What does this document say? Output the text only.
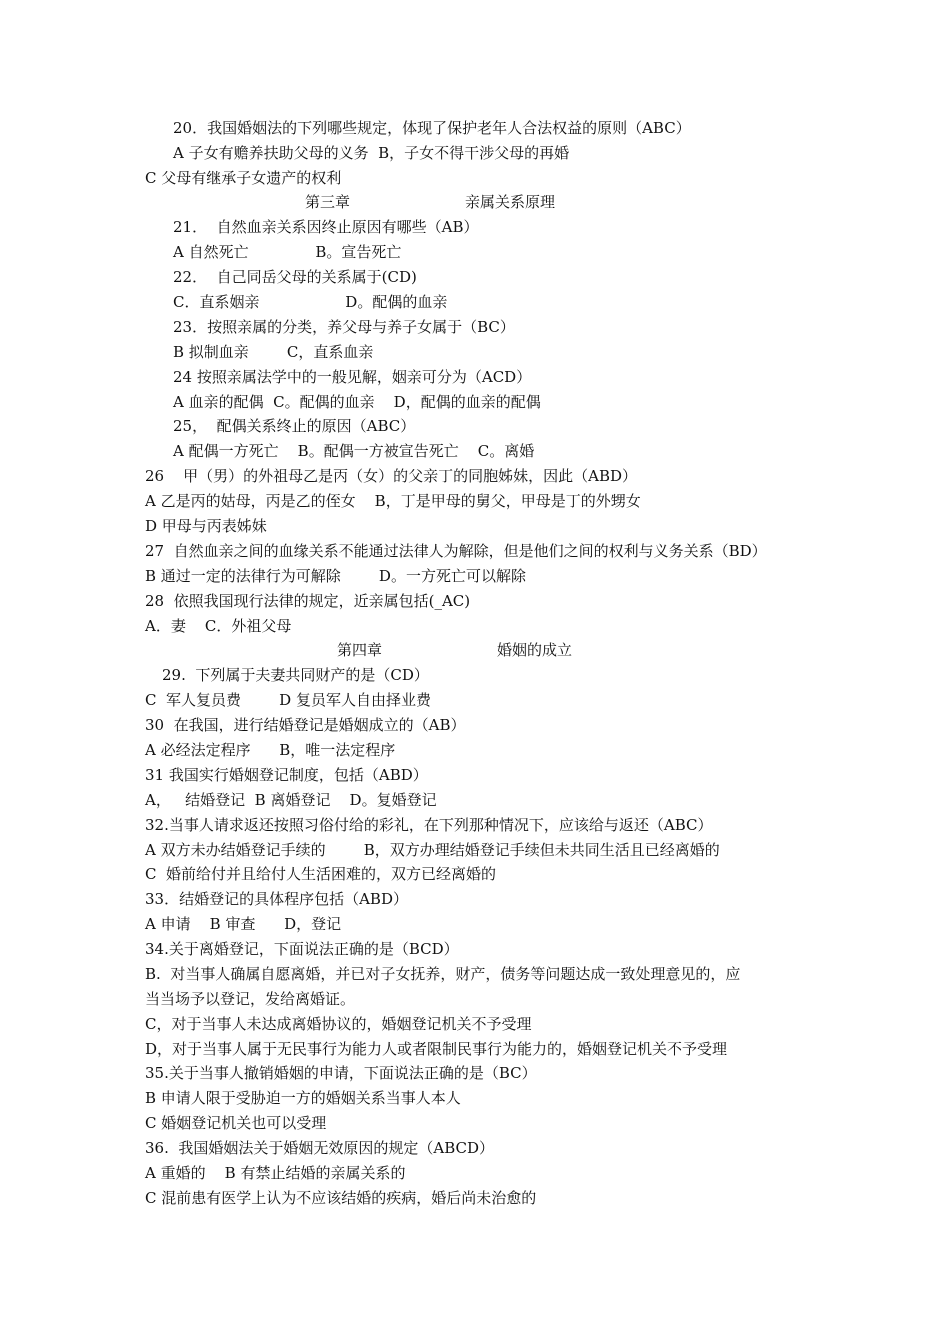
20．我国婚姻法的下列哪些规定，体现了保护老年人合法权益的原则（ABC）
A 子女有赡养扶助父母的义务  B，子女不得干涉父母的再婚
C 父母有继承子女遗产的权利
第三章	亲属关系原理
21．  自然血亲关系因终止原因有哪些（AB）
A 自然死亡              B。宣告死亡
22．  自己同岳父母的关系属于(CD)
C．直系姻亲                  D。配偶的血亲
23．按照亲属的分类，养父母与养子女属于（BC）
B 拟制血亲        C，直系血亲
24 按照亲属法学中的一般见解，姻亲可分为（ACD）
A 血亲的配偶  C。配偶的血亲    D，配偶的血亲的配偶
25，  配偶关系终止的原因（ABC）
A 配偶一方死亡    B。配偶一方被宣告死亡    C。离婚
26    甲（男）的外祖母乙是丙（女）的父亲丁的同胞姊妹，因此（ABD）
A 乙是丙的姑母，丙是乙的侄女    B，丁是甲母的舅父，甲母是丁的外甥女
D 甲母与丙表姊妹
27  自然血亲之间的血缘关系不能通过法律人为解除，但是他们之间的权利与义务关系（BD）
B 通过一定的法律行为可解除        D。一方死亡可以解除
28  依照我国现行法律的规定，近亲属包括(_AC)
A．妻    C．外祖父母
第四章	婚姻的成立
29.  下列属于夫妻共同财产的是（CD）
C  军人复员费        D 复员军人自由择业费
30  在我国，进行结婚登记是婚姻成立的（AB）
A 必经法定程序      B，唯一法定程序
31 我国实行婚姻登记制度，包括（ABD）
A，   结婚登记  B 离婚登记    D。复婚登记
32.当事人请求返还按照习俗付给的彩礼，在下列那种情况下，应该给与返还（ABC）
A 双方未办结婚登记手续的        B，双方办理结婚登记手续但未共同生活且已经离婚的
C  婚前给付并且给付人生活困难的，双方已经离婚的
33．结婚登记的具体程序包括（ABD）
A 申请    B 审查      D，登记
34.关于离婚登记，下面说法正确的是（BCD）
B.  对当事人确属自愿离婚，并已对子女抚养，财产，债务等问题达成一致处理意见的，应
当当场予以登记，发给离婚证。
C，对于当事人未达成离婚协议的，婚姻登记机关不予受理
D，对于当事人属于无民事行为能力人或者限制民事行为能力的，婚姻登记机关不予受理
35.关于当事人撤销婚姻的申请，下面说法正确的是（BC）
B 申请人限于受胁迫一方的婚姻关系当事人本人
C 婚姻登记机关也可以受理
36.  我国婚姻法关于婚姻无效原因的规定（ABCD）
A 重婚的    B 有禁止结婚的亲属关系的
C 混前患有医学上认为不应该结婚的疾病，婚后尚未治愈的
